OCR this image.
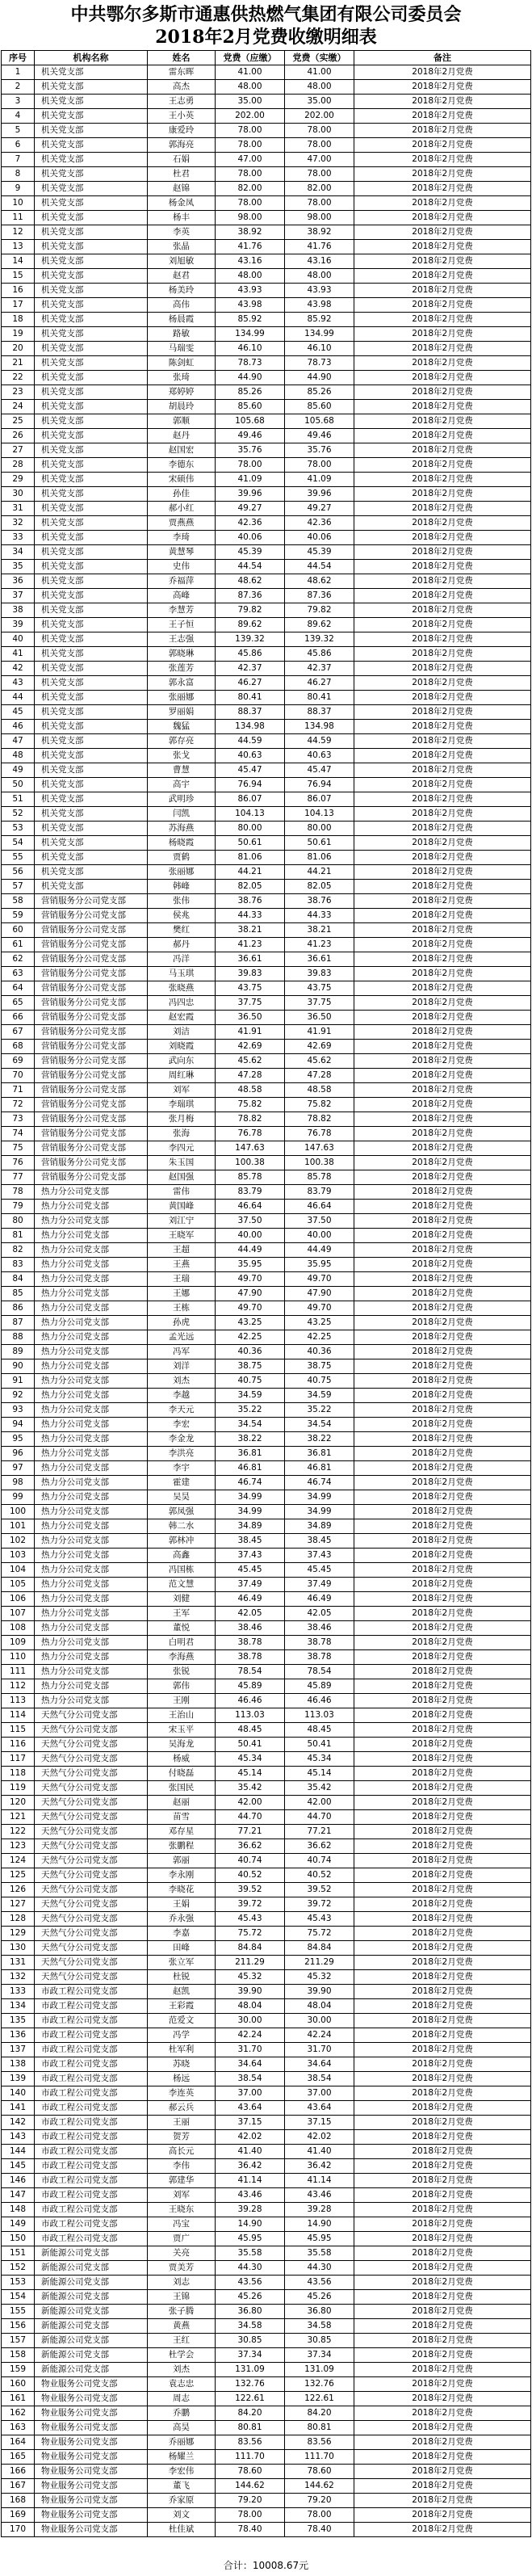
中共鄂尔多斯市通惠供热燃气集团有限公司委员会
2018年2月党费收缴明细表
序号	机构名称	姓名	党费（应缴）	党费（实缴）	备注
1	机关党支部	雷东晖	41.00	41.00	2018年2月党费
2	机关党支部	高杰	48.00	48.00	2018年2月党费
3	机关党支部	王志勇	35.00	35.00	2018年2月党费
4	机关党支部	王小英	202.00	202.00	2018年2月党费
5	机关党支部	康爱玲	78.00	78.00	2018年2月党费
6	机关党支部	郭海亮	78.00	78.00	2018年2月党费
7	机关党支部	石娟	47.00	47.00	2018年2月党费
8	机关党支部	杜君	78.00	78.00	2018年2月党费
9	机关党支部	赵锦	82.00	82.00	2018年2月党费
10	机关党支部	杨金凤	78.00	78.00	2018年2月党费
11	机关党支部	杨丰	98.00	98.00	2018年2月党费
12	机关党支部	李英	38.92	38.92	2018年2月党费
13	机关党支部	张晶	41.76	41.76	2018年2月党费
14	机关党支部	刘旭敏	43.16	43.16	2018年2月党费
15	机关党支部	赵君	48.00	48.00	2018年2月党费
16	机关党支部	杨美玲	43.93	43.93	2018年2月党费
17	机关党支部	高伟	43.98	43.98	2018年2月党费
18	机关党支部	杨晨霞	85.92	85.92	2018年2月党费
19	机关党支部	路敏	134.99	134.99	2018年2月党费
20	机关党支部	马瑞雯	46.10	46.10	2018年2月党费
21	机关党支部	陈剑虹	78.73	78.73	2018年2月党费
22	机关党支部	张琦	44.90	44.90	2018年2月党费
23	机关党支部	郑婷婷	85.26	85.26	2018年2月党费
24	机关党支部	胡晨玲	85.60	85.60	2018年2月党费
25	机关党支部	郭顺	105.68	105.68	2018年2月党费
26	机关党支部	赵丹	49.46	49.46	2018年2月党费
27	机关党支部	赵国宏	35.76	35.76	2018年2月党费
28	机关党支部	李德东	78.00	78.00	2018年2月党费
29	机关党支部	宋硕伟	41.09	41.09	2018年2月党费
30	机关党支部	孙佳	39.96	39.96	2018年2月党费
31	机关党支部	郝小红	49.27	49.27	2018年2月党费
32	机关党支部	贾燕燕	42.36	42.36	2018年2月党费
33	机关党支部	李琦	40.06	40.06	2018年2月党费
34	机关党支部	黄慧琴	45.39	45.39	2018年2月党费
35	机关党支部	史伟	44.54	44.54	2018年2月党费
36	机关党支部	乔福萍	48.62	48.62	2018年2月党费
37	机关党支部	高峰	87.36	87.36	2018年2月党费
38	机关党支部	李慧芳	79.82	79.82	2018年2月党费
39	机关党支部	王子恒	89.62	89.62	2018年2月党费
40	机关党支部	王志强	139.32	139.32	2018年2月党费
41	机关党支部	郭晓琳	45.86	45.86	2018年2月党费
42	机关党支部	张莲芳	42.37	42.37	2018年2月党费
43	机关党支部	郭永富	46.27	46.27	2018年2月党费
44	机关党支部	张丽娜	80.41	80.41	2018年2月党费
45	机关党支部	罗丽娟	88.37	88.37	2018年2月党费
46	机关党支部	魏猛	134.98	134.98	2018年2月党费
47	机关党支部	郭存亮	44.59	44.59	2018年2月党费
48	机关党支部	张戈	40.63	40.63	2018年2月党费
49	机关党支部	曹慧	45.47	45.47	2018年2月党费
50	机关党支部	高宇	76.94	76.94	2018年2月党费
51	机关党支部	武明珍	86.07	86.07	2018年2月党费
52	机关党支部	闫凯	104.13	104.13	2018年2月党费
53	机关党支部	苏海燕	80.00	80.00	2018年2月党费
54	机关党支部	杨晓霞	50.61	50.61	2018年2月党费
55	机关党支部	贾鹤	81.06	81.06	2018年2月党费
56	机关党支部	张丽娜	44.21	44.21	2018年2月党费
57	机关党支部	韩峰	82.05	82.05	2018年2月党费
58	营销服务分公司党支部	张伟	38.76	38.76	2018年2月党费
59	营销服务分公司党支部	侯兆	44.33	44.33	2018年2月党费
60	营销服务分公司党支部	樊红	38.21	38.21	2018年2月党费
61	营销服务分公司党支部	郝丹	41.23	41.23	2018年2月党费
62	营销服务分公司党支部	冯洋	36.61	36.61	2018年2月党费
63	营销服务分公司党支部	马玉琪	39.83	39.83	2018年2月党费
64	营销服务分公司党支部	张晓燕	43.75	43.75	2018年2月党费
65	营销服务分公司党支部	冯四忠	37.75	37.75	2018年2月党费
66	营销服务分公司党支部	赵宏霞	36.50	36.50	2018年2月党费
67	营销服务分公司党支部	刘洁	41.91	41.91	2018年2月党费
68	营销服务分公司党支部	刘晓霞	42.69	42.69	2018年2月党费
69	营销服务分公司党支部	武向东	45.62	45.62	2018年2月党费
70	营销服务分公司党支部	周红琳	47.28	47.28	2018年2月党费
71	营销服务分公司党支部	刘军	48.58	48.58	2018年2月党费
72	营销服务分公司党支部	李瑞琪	75.82	75.82	2018年2月党费
73	营销服务分公司党支部	张月梅	78.82	78.82	2018年2月党费
74	营销服务分公司党支部	张海	76.78	76.78	2018年2月党费
75	营销服务分公司党支部	李四元	147.63	147.63	2018年2月党费
76	营销服务分公司党支部	朱玉国	100.38	100.38	2018年2月党费
77	营销服务分公司党支部	赵国强	85.78	85.78	2018年2月党费
78	热力分公司党支部	雷伟	83.79	83.79	2018年2月党费
79	热力分公司党支部	黄国峰	46.64	46.64	2018年2月党费
80	热力分公司党支部	刘江宁	37.50	37.50	2018年2月党费
81	热力分公司党支部	王晓军	40.00	40.00	2018年2月党费
82	热力分公司党支部	王超	44.49	44.49	2018年2月党费
83	热力分公司党支部	王燕	35.95	35.95	2018年2月党费
84	热力分公司党支部	王瑞	49.70	49.70	2018年2月党费
85	热力分公司党支部	王娜	47.90	47.90	2018年2月党费
86	热力分公司党支部	王栋	49.70	49.70	2018年2月党费
87	热力分公司党支部	孙虎	43.25	43.25	2018年2月党费
88	热力分公司党支部	孟光远	42.25	42.25	2018年2月党费
89	热力分公司党支部	冯军	40.36	40.36	2018年2月党费
90	热力分公司党支部	刘洋	38.75	38.75	2018年2月党费
91	热力分公司党支部	刘杰	40.75	40.75	2018年2月党费
92	热力分公司党支部	李越	34.59	34.59	2018年2月党费
93	热力分公司党支部	李天元	35.22	35.22	2018年2月党费
94	热力分公司党支部	李宏	34.54	34.54	2018年2月党费
95	热力分公司党支部	李金龙	38.22	38.22	2018年2月党费
96	热力分公司党支部	李洪亮	36.81	36.81	2018年2月党费
97	热力分公司党支部	李宇	46.81	46.81	2018年2月党费
98	热力分公司党支部	霍建	46.74	46.74	2018年2月党费
99	热力分公司党支部	吴昊	34.99	34.99	2018年2月党费
100	热力分公司党支部	郭凤强	34.99	34.99	2018年2月党费
101	热力分公司党支部	韩二水	34.89	34.89	2018年2月党费
102	热力分公司党支部	郭林冲	38.45	38.45	2018年2月党费
103	热力分公司党支部	高鑫	37.43	37.43	2018年2月党费
104	热力分公司党支部	冯国栋	45.45	45.45	2018年2月党费
105	热力分公司党支部	范文慧	37.49	37.49	2018年2月党费
106	热力分公司党支部	刘健	46.49	46.49	2018年2月党费
107	热力分公司党支部	王军	42.05	42.05	2018年2月党费
108	热力分公司党支部	董悦	38.46	38.46	2018年2月党费
109	热力分公司党支部	白明君	38.78	38.78	2018年2月党费
110	热力分公司党支部	李海燕	38.78	38.78	2018年2月党费
111	热力分公司党支部	张锐	78.54	78.54	2018年2月党费
112	热力分公司党支部	郭伟	45.89	45.89	2018年2月党费
113	热力分公司党支部	王刚	46.46	46.46	2018年2月党费
114	天然气分公司党支部	王治山	113.03	113.03	2018年2月党费
115	天然气分公司党支部	宋玉平	48.45	48.45	2018年2月党费
116	天然气分公司党支部	吴海龙	50.41	50.41	2018年2月党费
117	天然气分公司党支部	杨威	45.34	45.34	2018年2月党费
118	天然气分公司党支部	付晓磊	45.14	45.14	2018年2月党费
119	天然气分公司党支部	张国民	35.42	35.42	2018年2月党费
120	天然气分公司党支部	赵丽	42.00	42.00	2018年2月党费
121	天然气分公司党支部	苗雪	44.70	44.70	2018年2月党费
122	天然气分公司党支部	邓存星	77.21	77.21	2018年2月党费
123	天然气分公司党支部	张鹏程	36.62	36.62	2018年2月党费
124	天然气分公司党支部	郭丽	40.74	40.74	2018年2月党费
125	天然气分公司党支部	李永刚	40.52	40.52	2018年2月党费
126	天然气分公司党支部	李晓花	39.52	39.52	2018年2月党费
127	天然气分公司党支部	王娟	39.72	39.72	2018年2月党费
128	天然气分公司党支部	乔永强	45.43	45.43	2018年2月党费
129	天然气分公司党支部	李嘉	75.72	75.72	2018年2月党费
130	天然气分公司党支部	田峰	84.84	84.84	2018年2月党费
131	天然气分公司党支部	张立军	211.29	211.29	2018年2月党费
132	天然气分公司党支部	杜锐	45.32	45.32	2018年2月党费
133	市政工程公司党支部	赵凯	39.90	39.90	2018年2月党费
134	市政工程公司党支部	王彩霞	48.04	48.04	2018年2月党费
135	市政工程公司党支部	范爱文	30.00	30.00	2018年2月党费
136	市政工程公司党支部	冯学	42.24	42.24	2018年2月党费
137	市政工程公司党支部	杜军利	31.70	31.70	2018年2月党费
138	市政工程公司党支部	苏晓	34.64	34.64	2018年2月党费
139	市政工程公司党支部	杨远	38.54	38.54	2018年2月党费
140	市政工程公司党支部	李连英	37.00	37.00	2018年2月党费
141	市政工程公司党支部	郝云兵	43.64	43.64	2018年2月党费
142	市政工程公司党支部	王丽	37.15	37.15	2018年2月党费
143	市政工程公司党支部	贺芳	42.02	42.02	2018年2月党费
144	市政工程公司党支部	高长元	41.40	41.40	2018年2月党费
145	市政工程公司党支部	李伟	36.42	36.42	2018年2月党费
146	市政工程公司党支部	郭建华	41.14	41.14	2018年2月党费
147	市政工程公司党支部	刘军	43.46	43.46	2018年2月党费
148	市政工程公司党支部	王晓东	39.28	39.28	2018年2月党费
149	市政工程公司党支部	冯宝	14.90	14.90	2018年2月党费
150	市政工程公司党支部	贾广	45.95	45.95	2018年2月党费
151	新能源公司党支部	关亮	35.58	35.58	2018年2月党费
152	新能源公司党支部	贾美芳	44.30	44.30	2018年2月党费
153	新能源公司党支部	刘志	43.56	43.56	2018年2月党费
154	新能源公司党支部	王锦	45.26	45.26	2018年2月党费
155	新能源公司党支部	张子腾	36.80	36.80	2018年2月党费
156	新能源公司党支部	黄燕	34.58	34.58	2018年2月党费
157	新能源公司党支部	王红	30.85	30.85	2018年2月党费
158	新能源公司党支部	杜学会	37.34	37.34	2018年2月党费
159	新能源公司党支部	刘杰	131.09	131.09	2018年2月党费
160	物业服务公司党支部	袁志忠	132.76	132.76	2018年2月党费
161	物业服务公司党支部	周志	122.61	122.61	2018年2月党费
162	物业服务公司党支部	乔鹏	84.20	84.20	2018年2月党费
163	物业服务公司党支部	高昊	80.81	80.81	2018年2月党费
164	物业服务公司党支部	乔丽娜	83.56	83.56	2018年2月党费
165	物业服务公司党支部	杨耀兰	111.70	111.70	2018年2月党费
166	物业服务公司党支部	李宏伟	78.60	78.60	2018年2月党费
167	物业服务公司党支部	董飞	144.62	144.62	2018年2月党费
168	物业服务公司党支部	乔家原	79.20	79.20	2018年2月党费
169	物业服务公司党支部	刘文	78.00	78.00	2018年2月党费
170	物业服务公司党支部	杜佳斌	78.40	78.40	2018年2月党费
合计：10008.67元
